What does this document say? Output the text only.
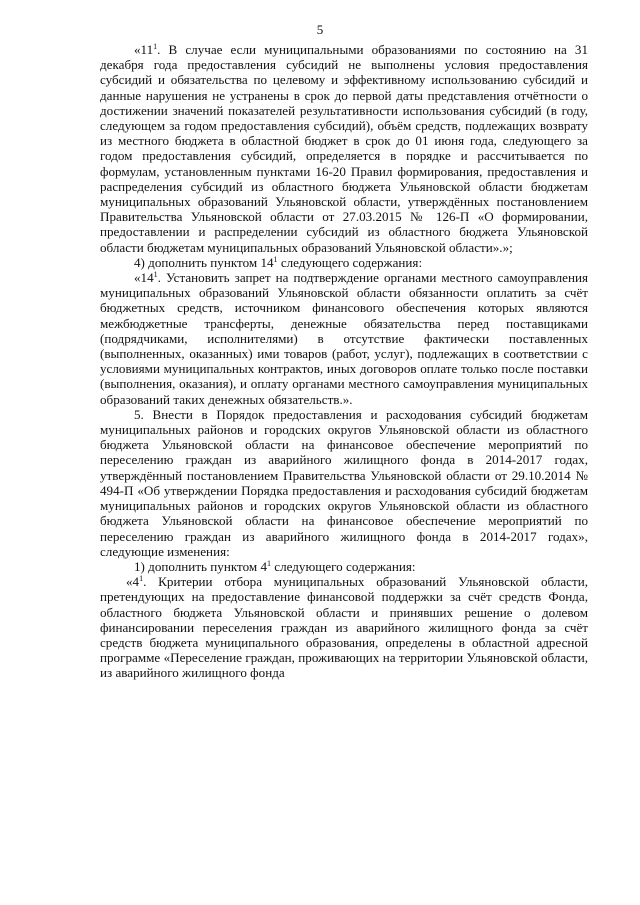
5

«$11^1$. В случае если муниципальными образованиями по состоянию на 31 декабря года предоставления субсидий не выполнены условия предоставления субсидий и обязательства по целевому и эффективному использованию субсидий и данные нарушения не устранены в срок до первой даты представления отчётности о достижении значений показателей результативности использования субсидий (в году, следующем за годом предоставления субсидий), объём средств, подлежащих возврату из местного бюджета в областной бюджет в срок до 01 июня года, следующего за годом предоставления субсидий, определяется в порядке и рассчитывается по формулам, установленным пунктами 16-20 Правил формирования, предоставления и распределения субсидий из областного бюджета Ульяновской области бюджетам муниципальных образований Ульяновской области, утверждённых постановлением Правительства Ульяновской области от 27.03.2015 № 126-П «О формировании, предоставлении и распределении субсидий из областного бюджета Ульяновской области бюджетам муниципальных образований Ульяновской области».»;

4) дополнить пунктом $14^1$ следующего содержания:

«$14^1$. Установить запрет на подтверждение органами местного самоуправления муниципальных образований Ульяновской области обязанности оплатить за счёт бюджетных средств, источником финансового обеспечения которых являются межбюджетные трансферты, денежные обязательства перед поставщиками (подрядчиками, исполнителями) в отсутствие фактически поставленных (выполненных, оказанных) ими товаров (работ, услуг), подлежащих в соответствии с условиями муниципальных контрактов, иных договоров оплате только после поставки (выполнения, оказания), и оплату органами местного самоуправления муниципальных образований таких денежных обязательств.».

5. Внести в Порядок предоставления и расходования субсидий бюджетам муниципальных районов и городских округов Ульяновской области из областного бюджета Ульяновской области на финансовое обеспечение мероприятий по переселению граждан из аварийного жилищного фонда в 2014-2017 годах, утверждённый постановлением Правительства Ульяновской области от 29.10.2014 № 494-П «Об утверждении Порядка предоставления и расходования субсидий бюджетам муниципальных районов и городских округов Ульяновской области из областного бюджета Ульяновской области на финансовое обеспечение мероприятий по переселению граждан из аварийного жилищного фонда в 2014-2017 годах», следующие изменения:

1) дополнить пунктом $4^1$ следующего содержания:

«$4^1$. Критерии отбора муниципальных образований Ульяновской области, претендующих на предоставление финансовой поддержки за счёт средств Фонда, областного бюджета Ульяновской области и принявших решение о долевом финансировании переселения граждан из аварийного жилищного фонда за счёт средств бюджета муниципального образования, определены в областной адресной программе «Переселение граждан, проживающих на территории Ульяновской области, из аварийного жилищного фонда
